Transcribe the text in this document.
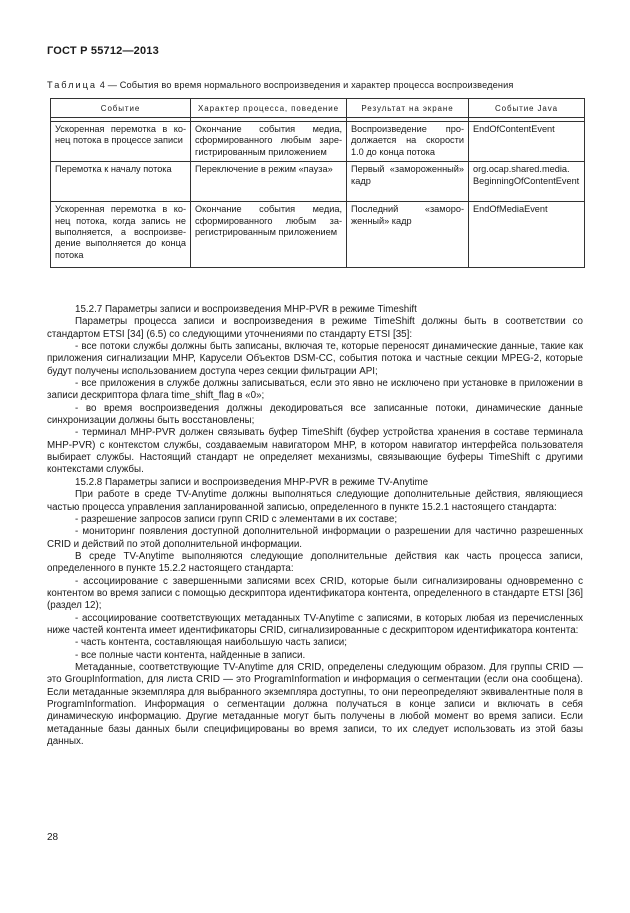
ГОСТ Р 55712—2013
Таблица 4 — События во время нормального воспроизведения и характер процесса воспроизведения
Событие	Характер процесса, поведение	Результат на экране	Событие Java

Ускоренная перемотка в конец потока в процессе записи	Окончание события медиа, сформированного любым зарегистрированным приложением	Воспроизведение продолжается на скорости 1.0 до конца потока	EndOfContentEvent
Перемотка к началу потока	Переключение в режим «пауза»	Первый «замороженный» кадр	org.ocap.shared.media. BeginningOfContentEvent
Ускоренная перемотка в конец потока, когда запись не выполняется, а воспроизведение выполняется до конца потока	Окончание события медиа, сформированного любым зарегистрированным приложением	Последний «замороженный» кадр	EndOfMediaEvent

15.2.7 Параметры записи и воспроизведения MHP-PVR в режиме Timeshift

Параметры процесса записи и воспроизведения в режиме TimeShift должны быть в соответствии со стандартом ETSI [34] (6.5) со следующими уточнениями по стандарту ETSI [35]:

- все потоки службы должны быть записаны, включая те, которые переносят динамические данные, такие как приложения сигнализации MHP, Карусели Объектов DSM-CC, события потока и частные секции MPEG-2, которые будут получены использованием доступа через секции фильтрации API;

- все приложения в службе должны записываться, если это явно не исключено при установке в приложении в записи дескриптора флага time_shift_flag в «0»;

- во время воспроизведения должны декодироваться все записанные потоки, динамические данные синхронизации должны быть восстановлены;

- терминал MHP-PVR должен связывать буфер TimeShift (буфер устройства хранения в составе терминала MHP-PVR) с контекстом службы, создаваемым навигатором MHP, в котором навигатор интерфейса пользователя выбирает службы. Настоящий стандарт не определяет механизмы, связывающие буферы TimeShift с другими контекстами службы.

15.2.8 Параметры записи и воспроизведения MHP-PVR в режиме TV-Anytime

При работе в среде TV-Anytime должны выполняться следующие дополнительные действия, являющиеся частью процесса управления запланированной записью, определенного в пункте 15.2.1 настоящего стандарта:

- разрешение запросов записи групп CRID с элементами в их составе;

- мониторинг появления доступной дополнительной информации о разрешении для частично разрешенных CRID и действий по этой дополнительной информации.

В среде TV-Anytime выполняются следующие дополнительные действия как часть процесса записи, определенного в пункте 15.2.2 настоящего стандарта:

- ассоциирование с завершенными записями всех CRID, которые были сигнализированы одновременно с контентом во время записи с помощью дескриптора идентификатора контента, определенного в стандарте ETSI [36] (раздел 12);

- ассоциирование соответствующих метаданных TV-Anytime с записями, в которых любая из перечисленных ниже частей контента имеет идентификаторы CRID, сигнализированные с дескриптором идентификатора контента:

- часть контента, составляющая наибольшую часть записи;

- все полные части контента, найденные в записи.

Метаданные, соответствующие TV-Anytime для CRID, определены следующим образом. Для группы CRID — это GroupInformation, для листа CRID — это ProgramInformation и информация о сегментации (если она сообщена). Если метаданные экземпляра для выбранного экземпляра доступны, то они переопределяют эквивалентные поля в ProgramInformation. Информация о сегментации должна получаться в конце записи и включать в себя динамическую информацию. Другие метаданные могут быть получены в любой момент во время записи. Если метаданные базы данных были специфицированы во время записи, то их следует использовать из этой базы данных.

28
